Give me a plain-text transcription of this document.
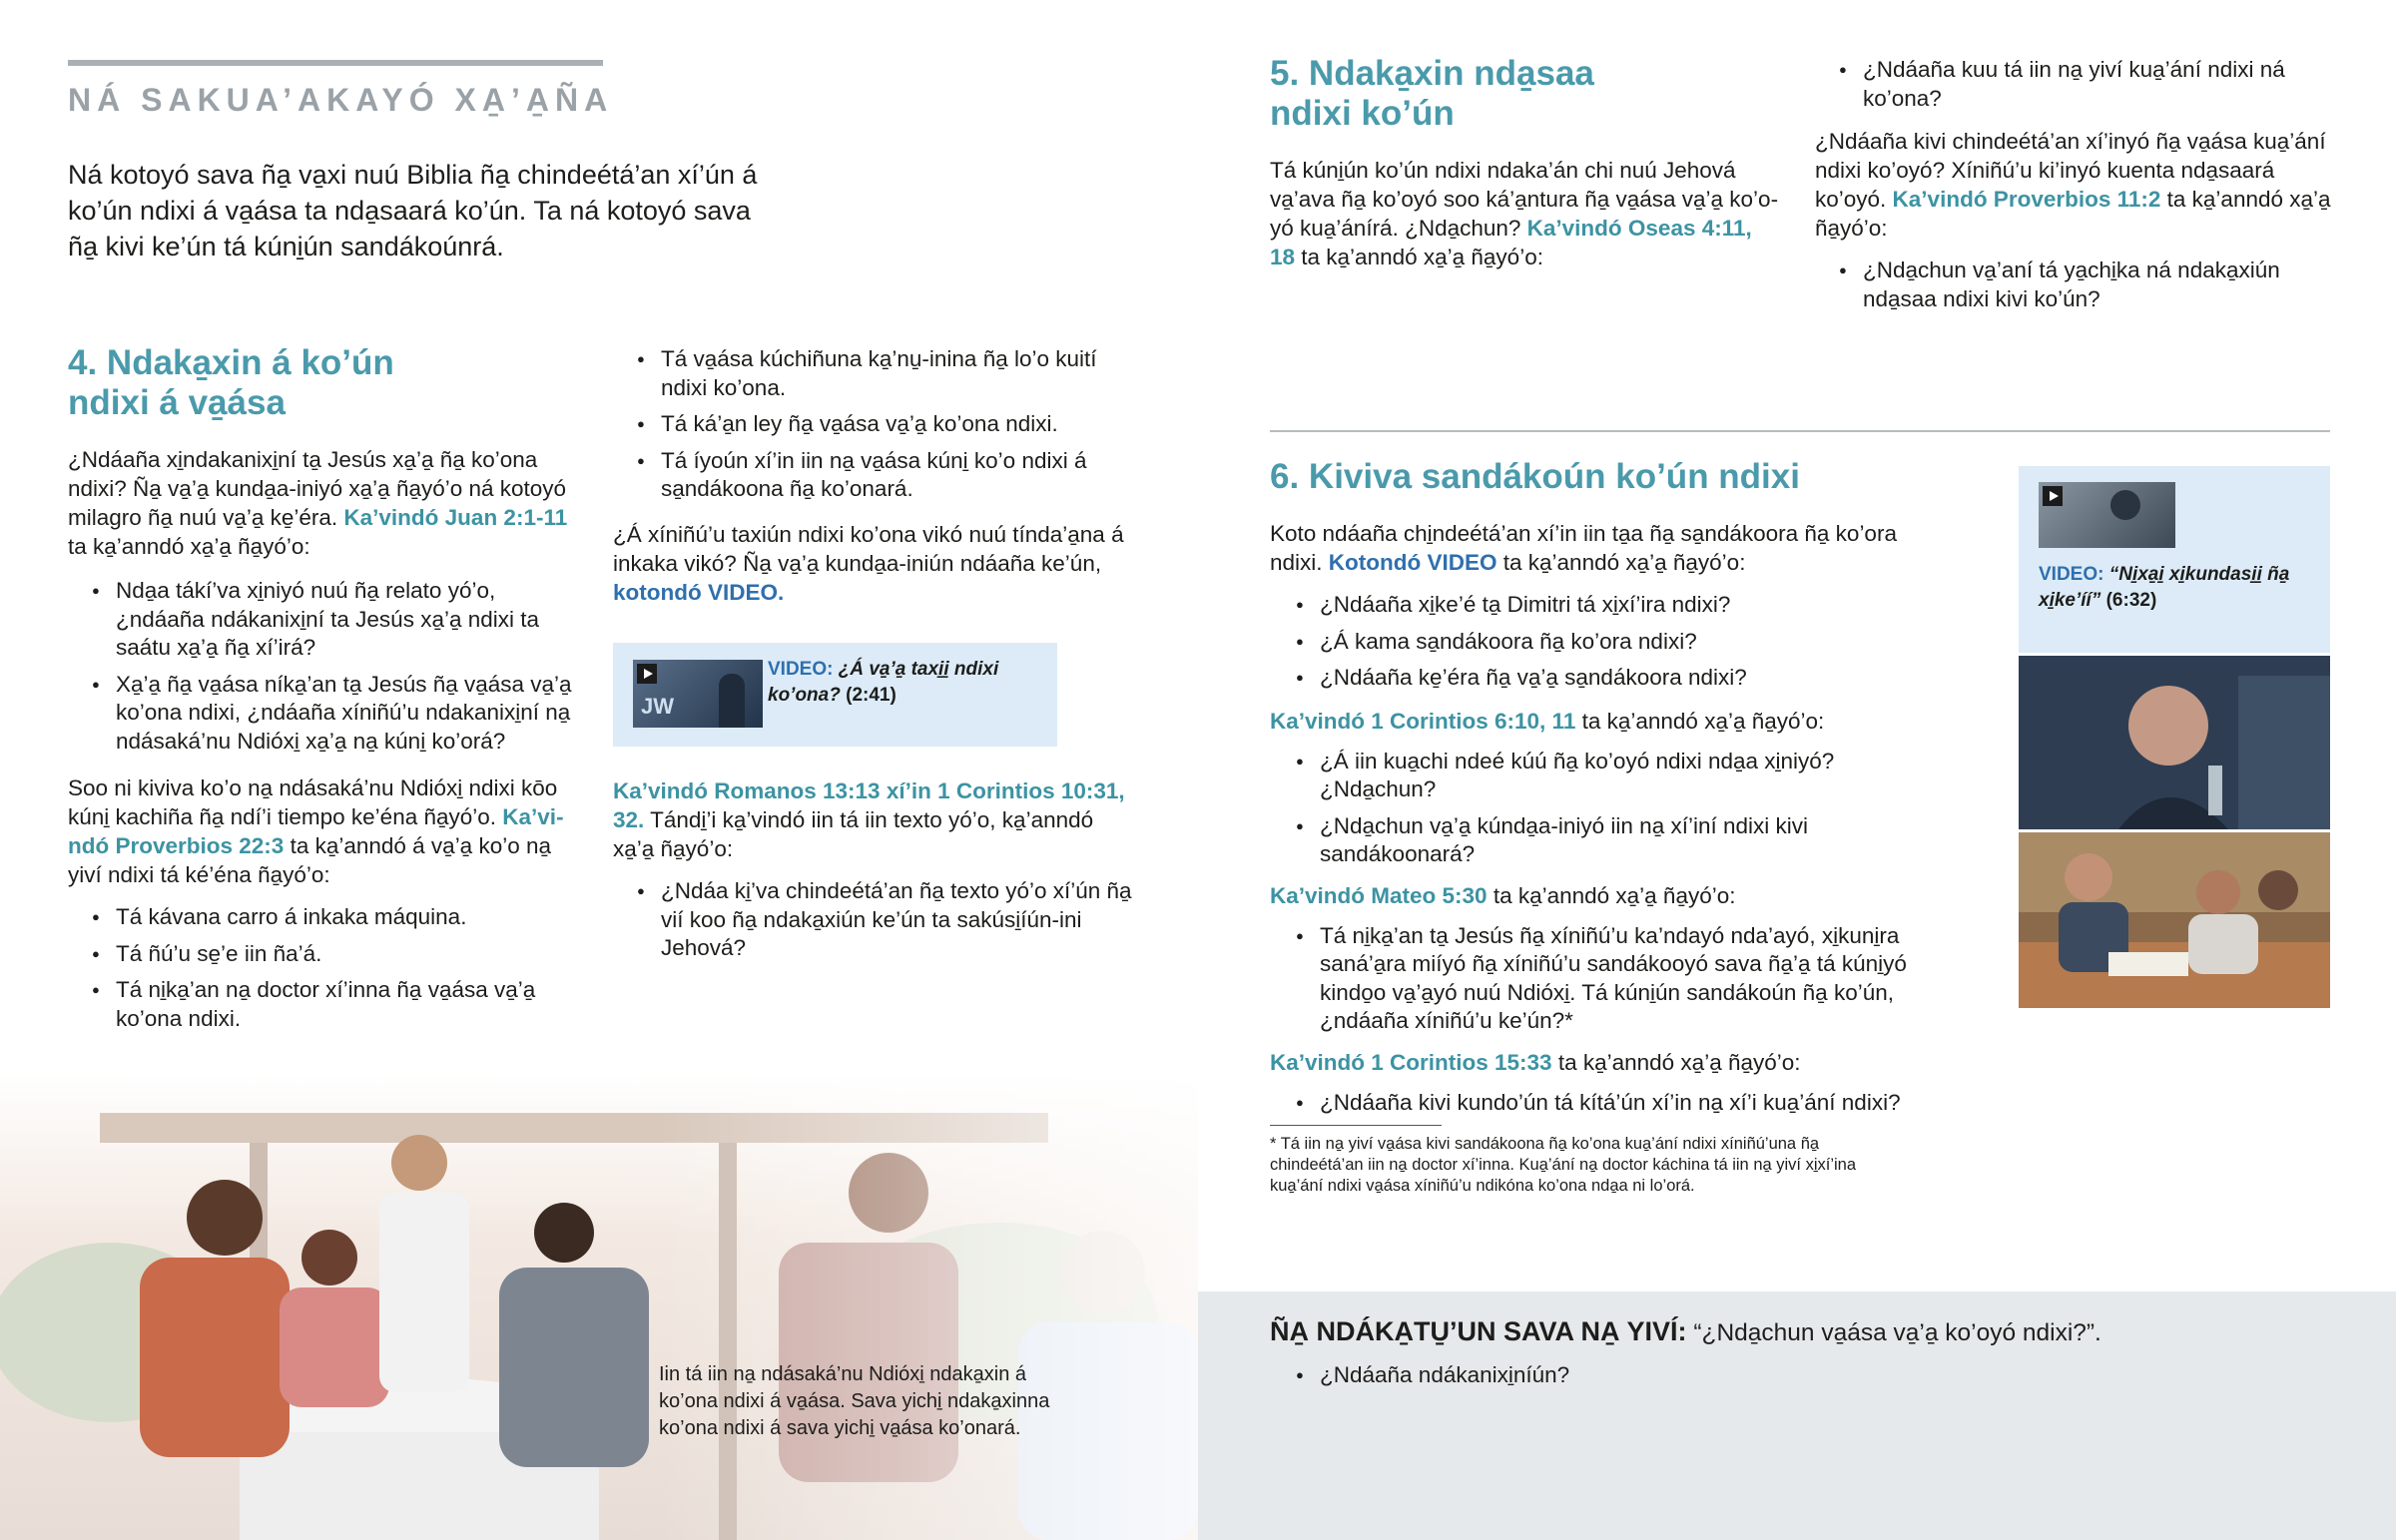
NÁ SAKUA’AKAYÓ XA̱’A̱ÑA

Ná kotoyó sava ña̱ va̱xi nuú Biblia ña̱ chindeétá’an xí’ún á ko’ún ndixi á va̱ása ta nda̱saará ko’ún. Ta ná kotoyó sava ña̱ kivi ke’ún tá kúni̱ún sandákoúnrá.

4. Ndaka̱xin á ko’ún
ndixi á va̱ása

¿Ndáaña xi̱ndakanixi̱ní ta̱ Jesús xa̱’a̱ ña̱ ko’ona ndixi? Ña̱ va̱’a̱ kunda̱a-iniyó xa̱’a̱ ña̱yó’o ná kotoyó milagro ña̱ nuú va̱’a̱ ke̱’éra. Ka’vindó Juan 2:1-11 ta ka̱’anndó xa̱’a̱ ña̱yó’o:

● Nda̱a tákí’va xi̱niyó nuú ña̱ relato yó’o, ¿ndáaña ndákanixi̱ní ta Jesús xa̱’a̱ ndixi ta saátu xa̱’a̱ ña̱ xí’irá?
● Xa̱’a̱ ña̱ va̱ása níka̱’an ta̱ Jesús ña̱ va̱ása va̱’a̱ ko’ona ndixi, ¿ndáaña xíniñú’u ndakanixi̱ní na̱ ndásaká’nu Ndióxi̱ xa̱’a̱ na̱ kúni̱ ko’orá?

Soo ni kiviva ko’o na̱ ndásaká’nu Ndióxi̱ ndixi kōo kúni̱ kachiña ña̱ ndí’i tiempo ke’éna ña̱yó’o. Ka’vindó Proverbios 22:3 ta ka̱’anndó á va̱’a̱ ko’o na̱ yiví ndixi tá ké’éna ña̱yó’o:

● Tá kávana carro á inkaka máquina.
● Tá ñú’u se̱’e iin ña’á.
● Tá ni̱ka̱’an na̱ doctor xí’inna ña̱ va̱ása va̱’a̱ ko’ona ndixi.
● Tá va̱ása kúchiñuna ka̱’nu̱-inina ña̱ lo’o kuití ndixi ko’ona.
● Tá ká’a̱n ley ña̱ va̱ása va̱’a̱ ko’ona ndixi.
● Tá íyoún xí’in iin na̱ va̱ása kúni̱ ko’o ndixi á sa̱ndákoona ña̱ ko’onará.

¿Á xíniñú’u taxiún ndixi ko’ona vikó nuú tínda’a̱na á inkaka vikó? Ña̱ va̱’a̱ kunda̱a-iniún ndáaña ke’ún, kotondó VIDEO.

JW
VIDEO: ¿Á va̱’a̱ taxi̱i̱ ndixi ko’ona? (2:41)

Ka’vindó Romanos 13:13 xí’in 1 Corintios 10:31, 32. Tándi̱’i ka̱’vindó iin tá iin texto yó’o, ka̱’anndó xa̱’a̱ ña̱yó’o:

● ¿Ndáa ki̱’va chindeétá’an ña̱ texto yó’o xí’ún ña̱ vií koo ña̱ ndaka̱xiún ke’ún ta sakúsi̱íún-ini Jehová?

Iin tá iin na̱ ndásaká’nu Ndióxi̱ ndaka̱xin á ko’ona ndixi á va̱ása. Sava yichi̱ ndaka̱xinna ko’ona ndixi á sava yichi̱ va̱ása ko’onará.

5. Ndaka̱xin nda̱saa
ndixi ko’ún

Tá kúni̱ún ko’ún ndixi ndaka’án chi nuú Jehová va̱’ava ña̱ ko’oyó soo ká’a̱ntura ña̱ va̱ása va̱’a̱ ko’oyó kua̱’ánírá. ¿Nda̱chun? Ka’vindó Oseas 4:11, 18 ta ka̱’anndó xa̱’a̱ ña̱yó’o:

● ¿Ndáaña kuu tá iin na̱ yiví kua̱’ání ndixi ná ko’ona?

¿Ndáaña kivi chindeétá’an xí’inyó ña̱ va̱ása kua̱’ání ndixi ko’oyó? Xíniñú’u ki’inyó kuenta nda̱saará ko’oyó. Ka’vindó Proverbios 11:2 ta ka̱’anndó xa̱’a̱ ña̱yó’o:

● ¿Nda̱chun va̱’aní tá ya̱chi̱ka ná ndaka̱xiún nda̱saa ndixi kivi ko’ún?
6. Kiviva sandákoún ko’ún ndixi

Koto ndáaña chi̱ndeétá’an xí’in iin ta̱a ña̱ sa̱ndákoora ña̱ ko’ora ndixi. Kotondó VIDEO ta ka̱’anndó xa̱’a̱ ña̱yó’o:

● ¿Ndáaña xi̱ke’é ta̱ Dimitri tá xi̱xí’ira ndixi?
● ¿Á kama sa̱ndákoora ña̱ ko’ora ndixi?
● ¿Ndáaña ke̱’éra ña̱ va̱’a̱ sa̱ndákoora ndixi?

Ka’vindó 1 Corintios 6:10, 11 ta ka̱’anndó xa̱’a̱ ña̱yó’o:

● ¿Á iin kua̱chi ndeé kúú ña̱ ko’oyó ndixi nda̱a xi̱niyó? ¿Nda̱chun?
● ¿Nda̱chun va̱’a̱ kúnda̱a-iniyó iin na̱ xí’iní ndixi kivi sandákoonará?

Ka’vindó Mateo 5:30 ta ka̱’anndó xa̱’a̱ ña̱yó’o:

● Tá ni̱ka̱’an ta̱ Jesús ña̱ xíniñú’u ka’ndayó nda’ayó, xi̱kuni̱ra saná’a̱ra miíyó ña̱ xíniñú’u sandákooyó sava ña̱’a̱ tá kúni̱yó kindo̱o va̱’a̱yó nuú Ndióxi̱. Tá kúni̱ún sandákoún ña̱ ko’ún, ¿ndáaña xíniñú’u ke’ún?*

Ka’vindó 1 Corintios 15:33 ta ka̱’anndó xa̱’a̱ ña̱yó’o:

● ¿Ndáaña kivi kundo’ún tá kítá’ún xí’in na̱ xí’i kua̱’ání ndixi?

* Tá iin na̱ yiví va̱ása kivi sandákoona ña̱ ko’ona kua̱’ání ndixi xíniñú’una ña̱ chindeétá’an iin na̱ doctor xí’inna. Kua̱’ání na̱ doctor káchina tá iin na̱ yiví xi̱xí’ina kua̱’ání ndixi va̱ása xíniñú’u ndikóna ko’ona nda̱a ni lo’orá.

VIDEO: “Ni̱xa̱i̱ xi̱kundasi̱i̱ ña̱ xi̱ke’íí” (6:32)
ÑA̱ NDÁKA̱TU̱’UN SAVA NA̱ YIVÍ: “¿Nda̱chun va̱ása va̱’a̱ ko’oyó ndixi?”.
● ¿Ndáaña ndákanixi̱níún?
